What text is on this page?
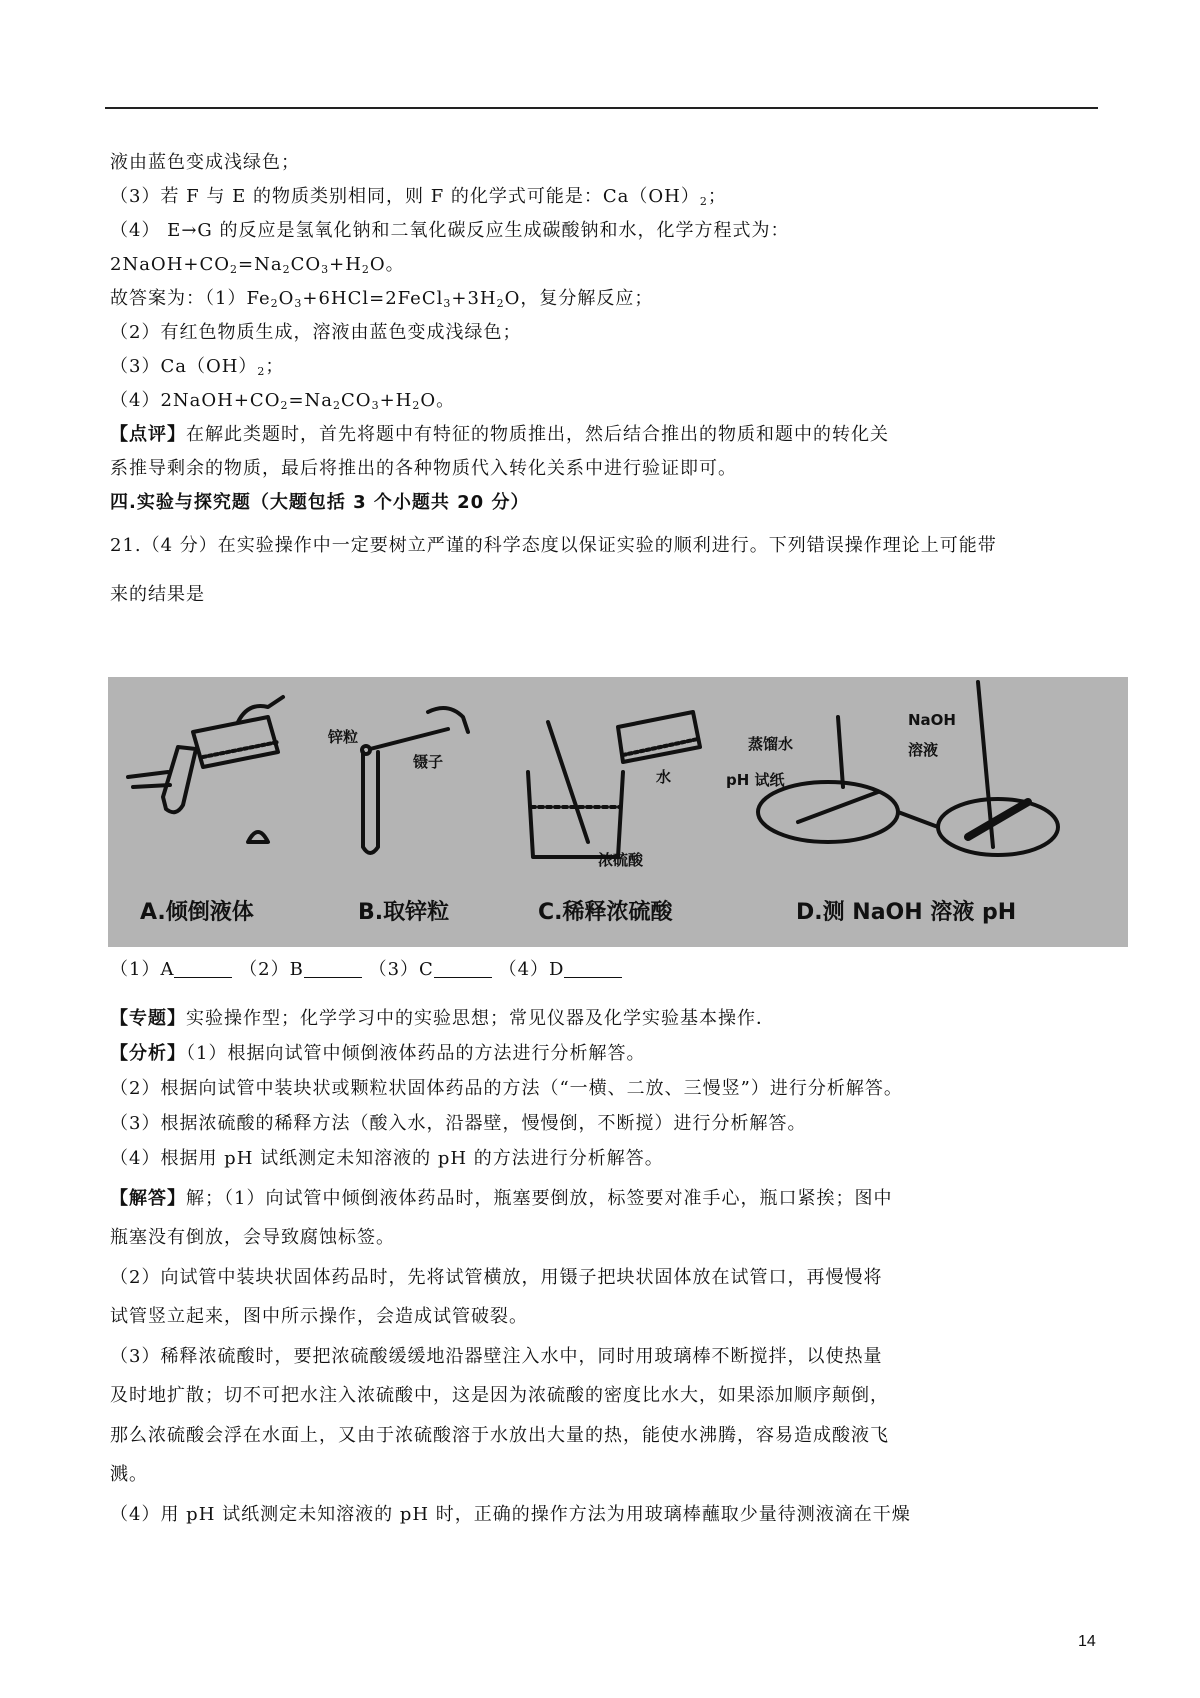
液由蓝色变成浅绿色；
（3）若 F 与 E 的物质类别相同，则 F 的化学式可能是：$Ca(OH)_2$；
（4） E→G 的反应是氢氧化钠和二氧化碳反应生成碳酸钠和水，化学方程式为：
$2NaOH+CO_2=Na_2CO_3+H_2O$。
故答案为：$(1)Fe_2O_3+6HCl=2FeCl_3+3H_2O$，复分解反应；
（2）有红色物质生成，溶液由蓝色变成浅绿色；
$(3)Ca(OH)_2$；
$(4)2NaOH+CO_2=Na_2CO_3+H_2O$。
【点评】在解此类题时，首先将题中有特征的物质推出，然后结合推出的物质和题中的转化关
系推导剩余的物质，最后将推出的各种物质代入转化关系中进行验证即可。
四.实验与探究题（大题包括 3 个小题共 20 分）
21.（4 分）在实验操作中一定要树立严谨的科学态度以保证实验的顺利进行。下列错误操作理论上可能带
来的结果是
锌粒
镊子
水
浓硫酸
蒸馏水
pH 试纸
NaOH
溶液
A.倾倒液体	B.取锌粒	C.稀释浓硫酸	D.测 NaOH 溶液 pH
（1）A	（2）B	（3）C	（4）D
【专题】实验操作型；化学学习中的实验思想；常见仪器及化学实验基本操作．
【分析】（1）根据向试管中倾倒液体药品的方法进行分析解答。
（2）根据向试管中装块状或颗粒状固体药品的方法（“一横、二放、三慢竖”）进行分析解答。
（3）根据浓硫酸的稀释方法（酸入水，沿器壁，慢慢倒，不断搅）进行分析解答。
（4）根据用 pH 试纸测定未知溶液的 pH 的方法进行分析解答。
【解答】解；（1）向试管中倾倒液体药品时，瓶塞要倒放，标签要对准手心，瓶口紧挨；图中
瓶塞没有倒放，会导致腐蚀标签。
（2）向试管中装块状固体药品时，先将试管横放，用镊子把块状固体放在试管口，再慢慢将
试管竖立起来，图中所示操作，会造成试管破裂。
（3）稀释浓硫酸时，要把浓硫酸缓缓地沿器壁注入水中，同时用玻璃棒不断搅拌，以使热量
及时地扩散；切不可把水注入浓硫酸中，这是因为浓硫酸的密度比水大，如果添加顺序颠倒，
那么浓硫酸会浮在水面上，又由于浓硫酸溶于水放出大量的热，能使水沸腾，容易造成酸液飞
溅。
（4）用 pH 试纸测定未知溶液的 pH 时，正确的操作方法为用玻璃棒蘸取少量待测液滴在干燥
14
